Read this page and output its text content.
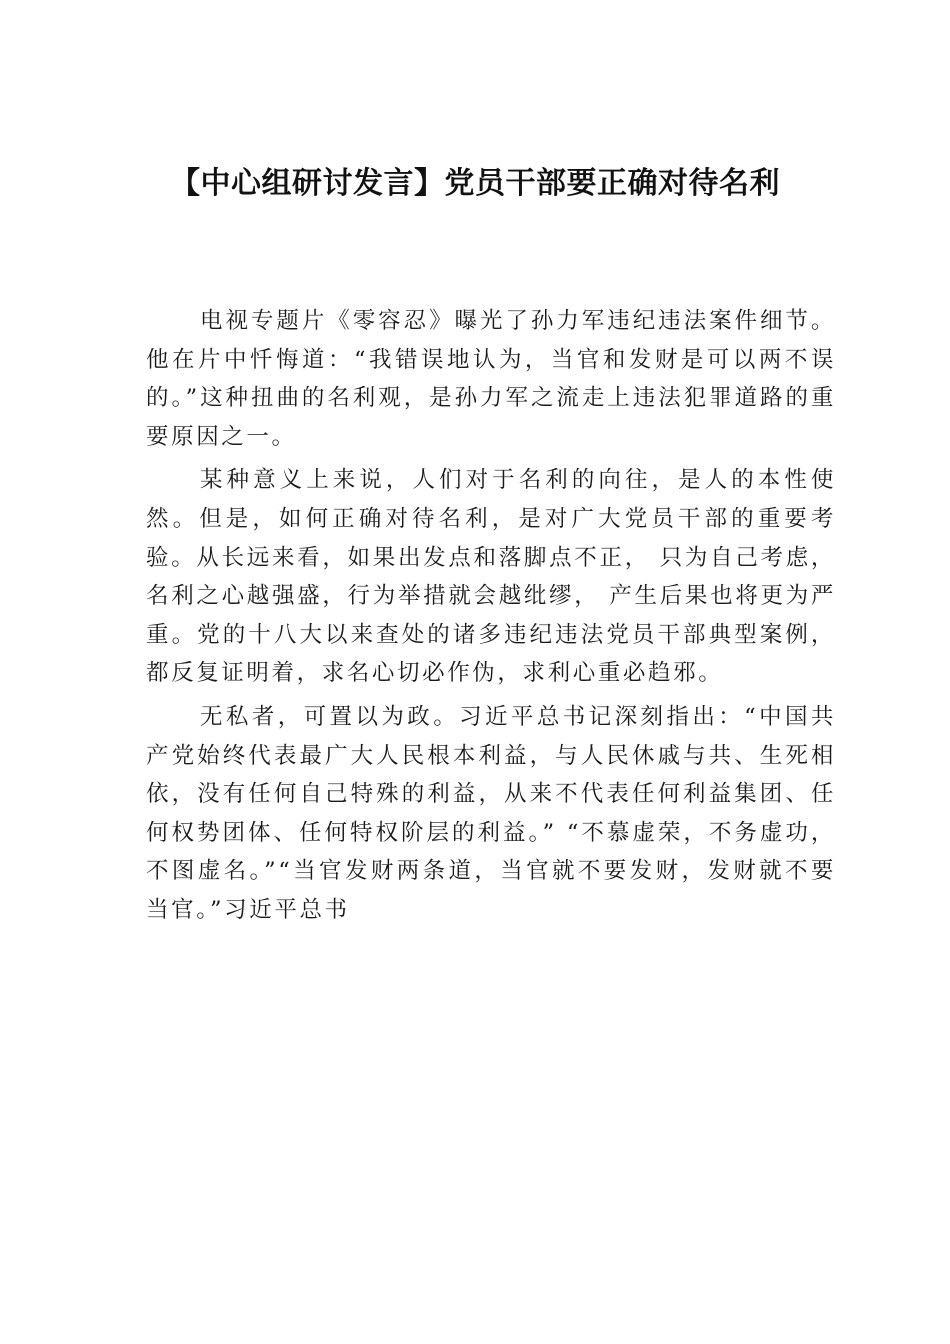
【中心组研讨发言】党员干部要正确对待名利

电视专题片《零容忍》曝光了孙力军违纪违法案件细节。他在片中忏悔道：“我错误地认为，当官和发财是可以两不误的。”这种扭曲的名利观，是孙力军之流走上违法犯罪道路的重要原因之一。

某种意义上来说，人们对于名利的向往，是人的本性使然。但是，如何正确对待名利，是对广大党员干部的重要考验。从长远来看，如果出发点和落脚点不正， 只为自己考虑，名利之心越强盛，行为举措就会越纰缪， 产生后果也将更为严重。党的十八大以来查处的诸多违纪违法党员干部典型案例，都反复证明着，求名心切必作伪，求利心重必趋邪。

无私者，可置以为政。习近平总书记深刻指出：“中国共产党始终代表最广大人民根本利益，与人民休戚与共、生死相依，没有任何自己特殊的利益，从来不代表任何利益集团、任何权势团体、任何特权阶层的利益。” “不慕虚荣，不务虚功，不图虚名。”“当官发财两条道，当官就不要发财，发财就不要当官。”习近平总书
